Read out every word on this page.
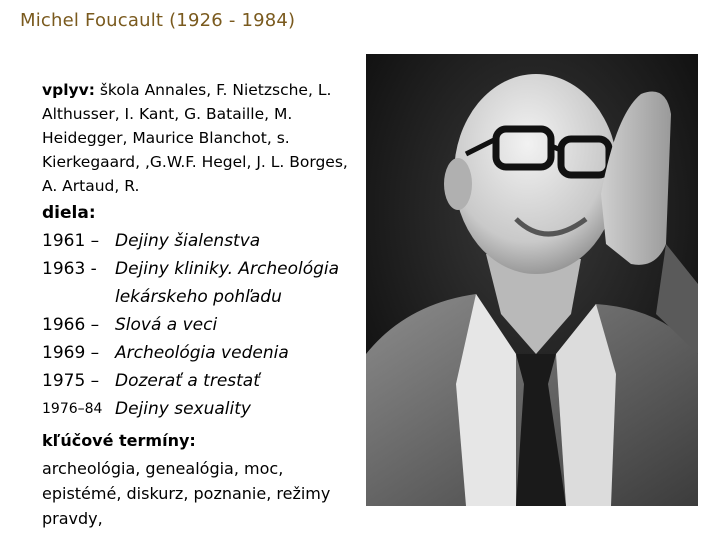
Michel Foucault (1926 - 1984)
vplyv: škola Annales, F. Nietzsche, L. Althusser, I. Kant, G. Bataille, M. Heidegger, Maurice Blanchot, s. Kierkegaard, ,G.W.F. Hegel, J. L. Borges, A. Artaud, R.
diela:
1961 – Dejiny šialenstva
1963 -	Dejiny kliniky. Archeológia lekárskeho pohľadu
1966 – Slová a veci
1969 – Archeológia vedenia
1975 – Dozerať a trestať
1976–84 Dejiny sexuality
kľúčové termíny:
archeológia, genealógia, moc, epistémé, diskurz, poznanie, režimy pravdy,
